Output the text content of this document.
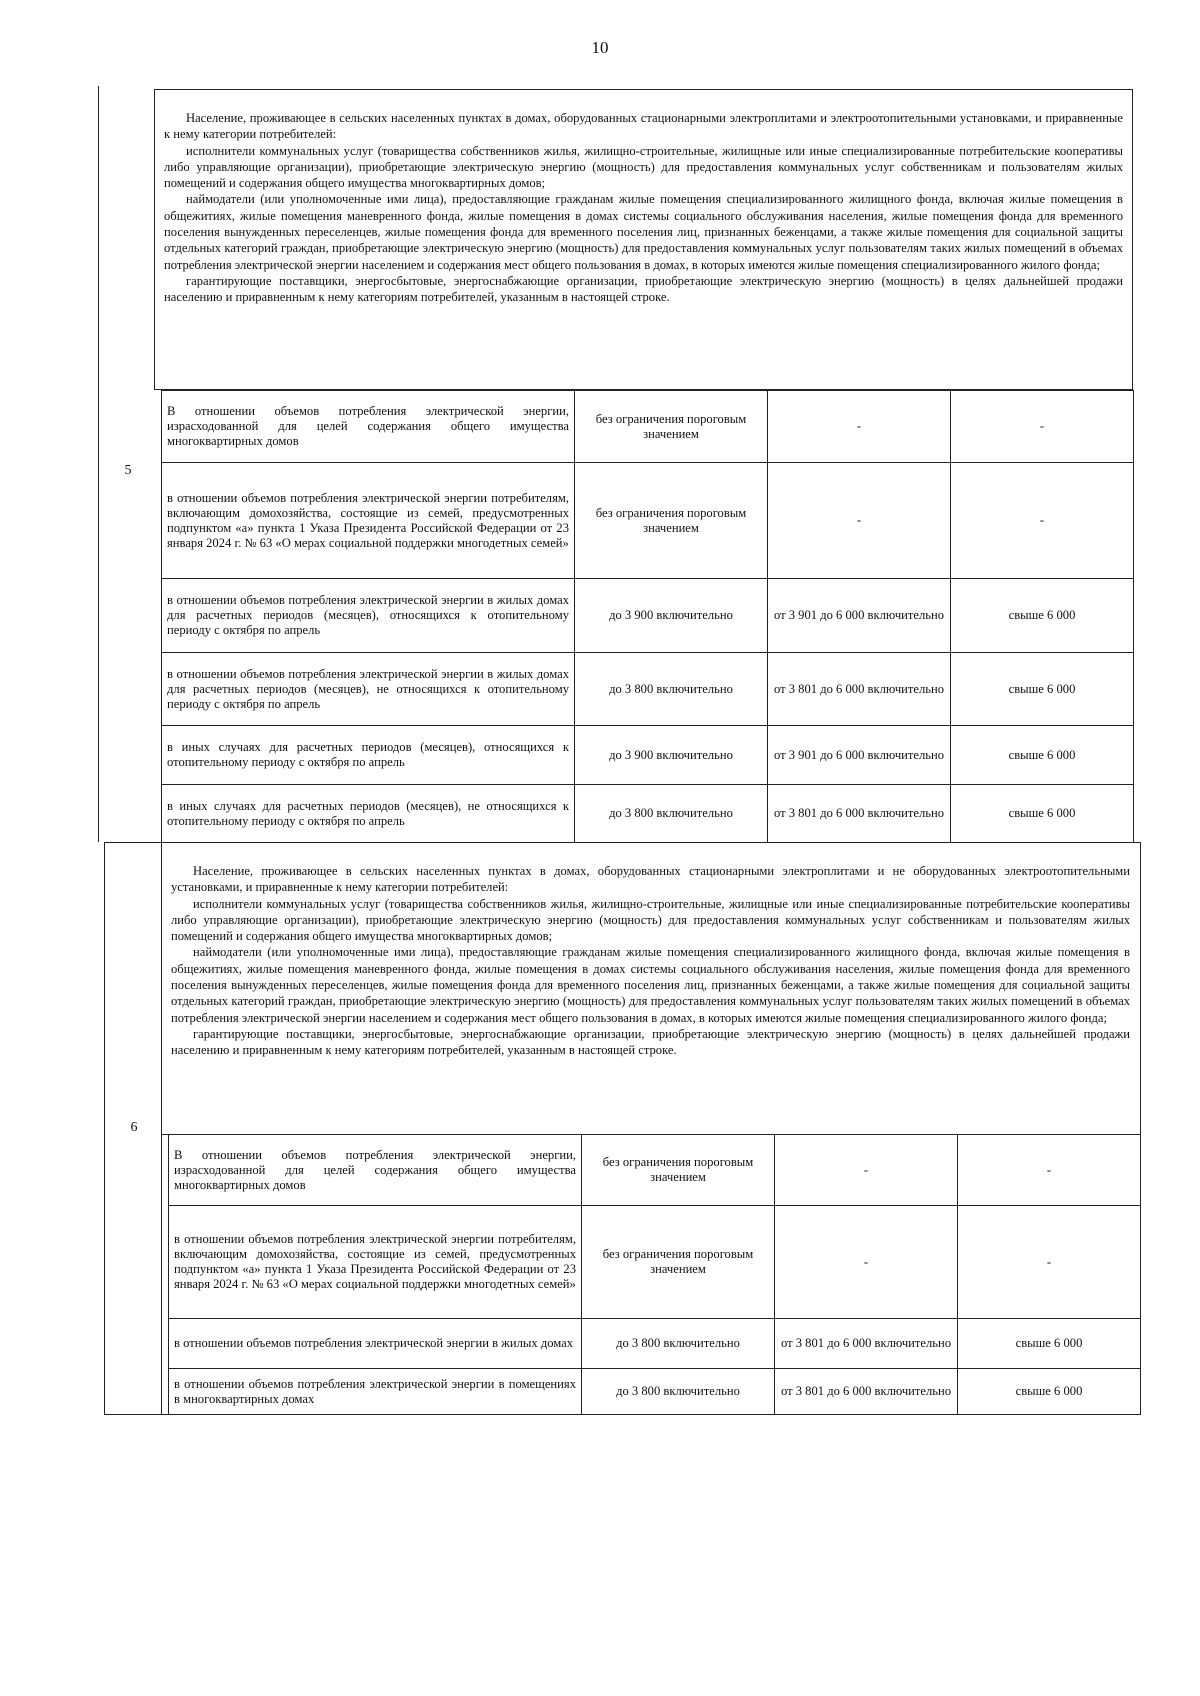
10
5

Население, проживающее в сельских населенных пунктах в домах, оборудованных стационарными электроплитами и электроотопительными установками, и приравненные к нему категории потребителей:

исполнители коммунальных услуг (товарищества собственников жилья, жилищно-строительные, жилищные или иные специализированные потребительские кооперативы либо управляющие организации), приобретающие электрическую энергию (мощность) для предоставления коммунальных услуг собственникам и пользователям жилых помещений и содержания общего имущества многоквартирных домов;

наймодатели (или уполномоченные ими лица), предоставляющие гражданам жилые помещения специализированного жилищного фонда, включая жилые помещения в общежитиях, жилые помещения маневренного фонда, жилые помещения в домах системы социального обслуживания населения, жилые помещения фонда для временного поселения вынужденных переселенцев, жилые помещения фонда для временного поселения лиц, признанных беженцами, а также жилые помещения для социальной защиты отдельных категорий граждан, приобретающие электрическую энергию (мощность) для предоставления коммунальных услуг пользователям таких жилых помещений в объемах потребления электрической энергии населением и содержания мест общего пользования в домах, в которых имеются жилые помещения специализированного жилого фонда;

гарантирующие поставщики, энергосбытовые, энергоснабжающие организации, приобретающие электрическую энергию (мощность) в целях дальнейшей продажи населению и приравненным к нему категориям потребителей, указанным в настоящей строке.

В отношении объемов потребления электрической энергии, израсходованной для целей содержания общего имущества многоквартирных домов	без ограничения пороговым значением	-	-
в отношении объемов потребления электрической энергии потребителям, включающим домохозяйства, состоящие из семей, предусмотренных подпунктом «а» пункта 1 Указа Президента Российской Федерации от 23 января 2024 г. № 63 «О мерах социальной поддержки многодетных семей»	без ограничения пороговым значением	-	-
в отношении объемов потребления электрической энергии в жилых домах для расчетных периодов (месяцев), относящихся к отопительному периоду с октября по апрель	до 3 900 включительно	от 3 901 до 6 000 включительно	свыше 6 000
в отношении объемов потребления электрической энергии в жилых домах для расчетных периодов (месяцев), не относящихся к отопительному периоду с октября по апрель	до 3 800 включительно	от 3 801 до 6 000 включительно	свыше 6 000
в иных случаях для расчетных периодов (месяцев), относящихся к отопительному периоду с октября по апрель	до 3 900 включительно	от 3 901 до 6 000 включительно	свыше 6 000
в иных случаях для расчетных периодов (месяцев), не относящихся к отопительному периоду с октября по апрель	до 3 800 включительно	от 3 801 до 6 000 включительно	свыше 6 000
6

Население, проживающее в сельских населенных пунктах в домах, оборудованных стационарными электроплитами и не оборудованных электроотопительными установками, и приравненные к нему категории потребителей:

исполнители коммунальных услуг (товарищества собственников жилья, жилищно-строительные, жилищные или иные специализированные потребительские кооперативы либо управляющие организации), приобретающие электрическую энергию (мощность) для предоставления коммунальных услуг собственникам и пользователям жилых помещений и содержания общего имущества многоквартирных домов;

наймодатели (или уполномоченные ими лица), предоставляющие гражданам жилые помещения специализированного жилищного фонда, включая жилые помещения в общежитиях, жилые помещения маневренного фонда, жилые помещения в домах системы социального обслуживания населения, жилые помещения фонда для временного поселения вынужденных переселенцев, жилые помещения фонда для временного поселения лиц, признанных беженцами, а также жилые помещения для социальной защиты отдельных категорий граждан, приобретающие электрическую энергию (мощность) для предоставления коммунальных услуг пользователям таких жилых помещений в объемах потребления электрической энергии населением и содержания мест общего пользования в домах, в которых имеются жилые помещения специализированного жилого фонда;

гарантирующие поставщики, энергосбытовые, энергоснабжающие организации, приобретающие электрическую энергию (мощность) в целях дальнейшей продажи населению и приравненным к нему категориям потребителей, указанным в настоящей строке.

В отношении объемов потребления электрической энергии, израсходованной для целей содержания общего имущества многоквартирных домов	без ограничения пороговым значением	-	-
в отношении объемов потребления электрической энергии потребителям, включающим домохозяйства, состоящие из семей, предусмотренных подпунктом «а» пункта 1 Указа Президента Российской Федерации от 23 января 2024 г. № 63 «О мерах социальной поддержки многодетных семей»	без ограничения пороговым значением	-	-
в отношении объемов потребления электрической энергии в жилых домах	до 3 800 включительно	от 3 801 до 6 000 включительно	свыше 6 000
в отношении объемов потребления электрической энергии в помещениях в многоквартирных домах	до 3 800 включительно	от 3 801 до 6 000 включительно	свыше 6 000
